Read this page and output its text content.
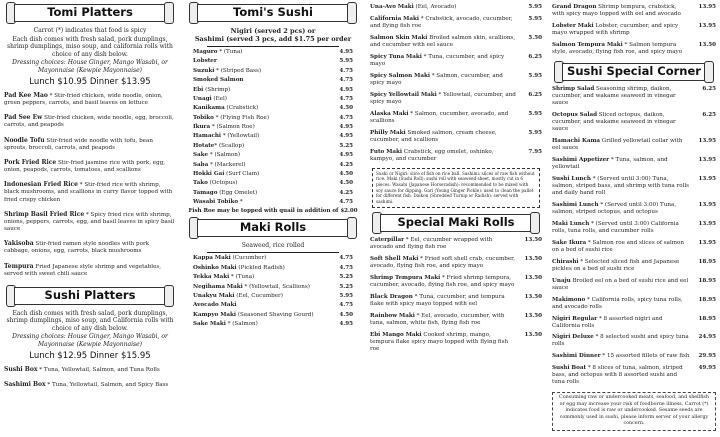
Tomi Platters
Carrot (*) indicates that food is spicy
Each dish comes with fresh salad, pork dumplings, shrimp dumplings, miso soup, and california rolls with choice of any dish below.
Dressing choices: House Ginger, Mango Wasabi, or Mayonnaise (Kewpie Mayonnaise)
Lunch $10.95 Dinner $13.95
Pad Kee Mao * Stir-fried chicken, wide noodle, onion, green peppers, carrots, and basil leaves on lettuce
Pad See Ew Stir-fried chicken, wide noodle, egg, broccoli, carrots, and peapods
Noodle Tofu Stir-fried wide noodle with tofu, bean sprouts, broccoli, carrots, and peapods
Pork Fried Rice Stir-fried jasmine rice with pork, egg, onion, peapods, carrots, tomatoes, and scallions
Indonesian Fried Rice * Stir-fried rice with shrimp, black mushrooms, and scallions in curry flavor topped with fried crispy chicken
Shrimp Basil Fried Rice * Spicy fried rice with shrimp, onions, peppers, carrots, egg, and basil leaves in spicy basil sauce
Yakisoba Stir-fried ramen style noodles with pork cabbage, onions, egg, carrots, black mushrooms
Tempura Fried Japanese style shrimp and vegetables, served with sweet chili sauce
Sushi Platters
Each dish comes with fresh salad, pork dumplings, shrimp dumplings, miso soup, and California rolls with choice of any dish below.
Dressing choices: House Ginger, Mango Wasabi, or Mayonnaise (Kewpie Mayonnaise)
Lunch $12.95 Dinner $15.95
Sushi Box * Tuna, Yellowtail, Salmon, and Tuna Rolls
Sashimi Box * Tuna, Yellowtail, Salmon, and Spicy Bass
Tomi's Sushi
Nigiri (served 2 pcs) or
Sashimi (served 3 pcs, add $1.75 per order
Maguro * (Tuna)	4.95
Lobster	5.95
Suzuki * (Striped Bass)	4.75
Smoked Salmon	4.75
Ebi (Shrimp)	4.95
Unagi (Eel)	4.75
Kanikama (Crabstick)	4.50
Tobiko * (Flying Fish Roe)	4.75
Ikura * (Salmon Roe)	4.95
Hamachi * (Yellowtail)	4.95
Hotate* (Scallop)	5.25
Sake * (Salmon)	4.95
Saba * (Mackerel)	4.25
Hokki Gai (Surf Clam)	4.50
Tako (Octopus)	4.50
Tamago (Egg Omelet)	4.25
Wasabi Tobiko *	4.75
Fish Roe may be topped with quail in addition of $2.00
Maki Rolls
Seaweed, rice rolled
Kappa Maki (Cucumber)	4.75
Oshinko Maki (Pickled Radish)	4.75
Tekka Maki * (Tuna)	5.25
Negihama Maki * (Yellowtail, Scallions)	5.25
Unakyu Maki (Eel, Cucumber)	5.95
Avocado Maki	4.75
Kampyo Maki (Seasoned Shaving Gourd)	4.50
Sake Maki * (Salmon)	4.95
Una-Avo Maki (Eel, Avocado)	5.95
California Maki * Crabstick, avocado, cucumber, and flying fish roe
5.95
Salmon Skin Maki Broiled salmon skin, scallions, and cucumber with eel sauce
5.50
Spicy Tuna Maki * Tuna, cucumber, and spicy mayo
6.25
Spicy Salmon Maki * Salmon, cucumber, and spicy mayo
5.95
Spicy Yellowtail Maki * Yellowtail, cucumber, and spicy mayo
6.25
Alaska Maki * Salmon, cucumber, avocado, and scallions
5.95
Philly Maki Smoked salmon, cream cheese, cucumber, and scallions
5.95
Futo Maki Crabstick, egg omelet, oshinko, kampyo, and cucumber
7.95
Sushi or Nigiri: slice of fish on rice ball. Sashimi: slices of raw fish without rice. Maki (Sushi Roll): sushi roll with seaweed sheet, mostly cut in 6 pieces. Wasabi (Japanese Horseradish): recommended to be mixed with soy sauce for dipping. Gari (Young Ginger Pickle): used to clean the pallet for different fish. Daikon (Shredded Turnip or Radish): served with sashimi.
Special Maki Rolls
Caterpillar * Eel, cucumber wrapped with avocado and flying fish roe
13.50
Soft Shell Maki * Fried soft shell crab, cucumber, avocado, flying fish roe, and spicy mayo
13.50
Shrimp Tempura Maki * Fried shrimp tempura, cucumber, avocado, flying fish roe, and spicy mayo
13.50
Black Dragon * Tuna, cucumber, and tempura flake with spicy mayo topped with eel
13.50
Rainbow Maki * Eel, avocado, cucumber, with tuna, salmon, white fish, flying fish roe
13.50
Ebi Mango Maki Cooked shrimp, mango, tempura flake spicy mayo topped with flying fish roe
13.50
Grand Dragon Shrimp tempura, crabstick, with spicy mayo topped with eel and avocado
13.95
Lobster Maki Lobster, cucumber, and spicy mayo wrapped with shrimp
13.95
Salmon Tempura Maki * Salmon tempura style, avocado, flying fish roe, and spicy mayo
13.50
Sushi Special Corner
Shrimp Salad Seasoning shrimp, daikon, cucumber, and wakame seaweed in vinegar sauce
6.25
Octopus Salad Sliced octopus, daikon, cucumber, and wakame seaweed in vinegar sauce
6.25
Hamachi Kama Grilled yellowtail collar with eel sauce
13.95
Sashimi Appetizer * Tuna, salmon, and yellowtail
13.95
Sushi Lunch * (Served until 3:00) Tuna, salmon, striped bass, and shrimp with tuna rolls and daily hand roll
13.95
Sashimi Lunch * (Served until 3:00) Tuna, salmon, striped octopus, and octopus
13.95
Maki Lunch * (Served until 3:00) California rolls, tuna rolls, and cucumber rolls
13.95
Sake Ikura * Salmon roe and slices of salmon on a bed of sushi rice
13.95
Chirashi * Selected sliced fish and Japanese pickles on a bed of sushi rice
18.95
Unaju Broiled eel on a bed of sushi rice and eel sauce
18.95
Makimono * California rolls, spicy tuna rolls, and avocado rolls
18.95
Nigiri Regular * 8 assorted nigiri and California rolls
18.95
Nigiri Deluxe * 8 selected sushi and spicy tuna rolls
24.95
Sashimi Dinner * 15 assorted fillets of raw fish	29.95
Sushi Boat * 8 slices of tuna, salmon, striped bass, and octopus with 8 assorted sushi and tuna rolls
49.95
Consuming raw or undercooked meats, seafood, and shellfish or egg may increase your risk of foodborne illness. Carrot (*) indicates food is raw or undercooked. Sesame seeds are commonly used in sushi, please inform server of your allergy concern.
